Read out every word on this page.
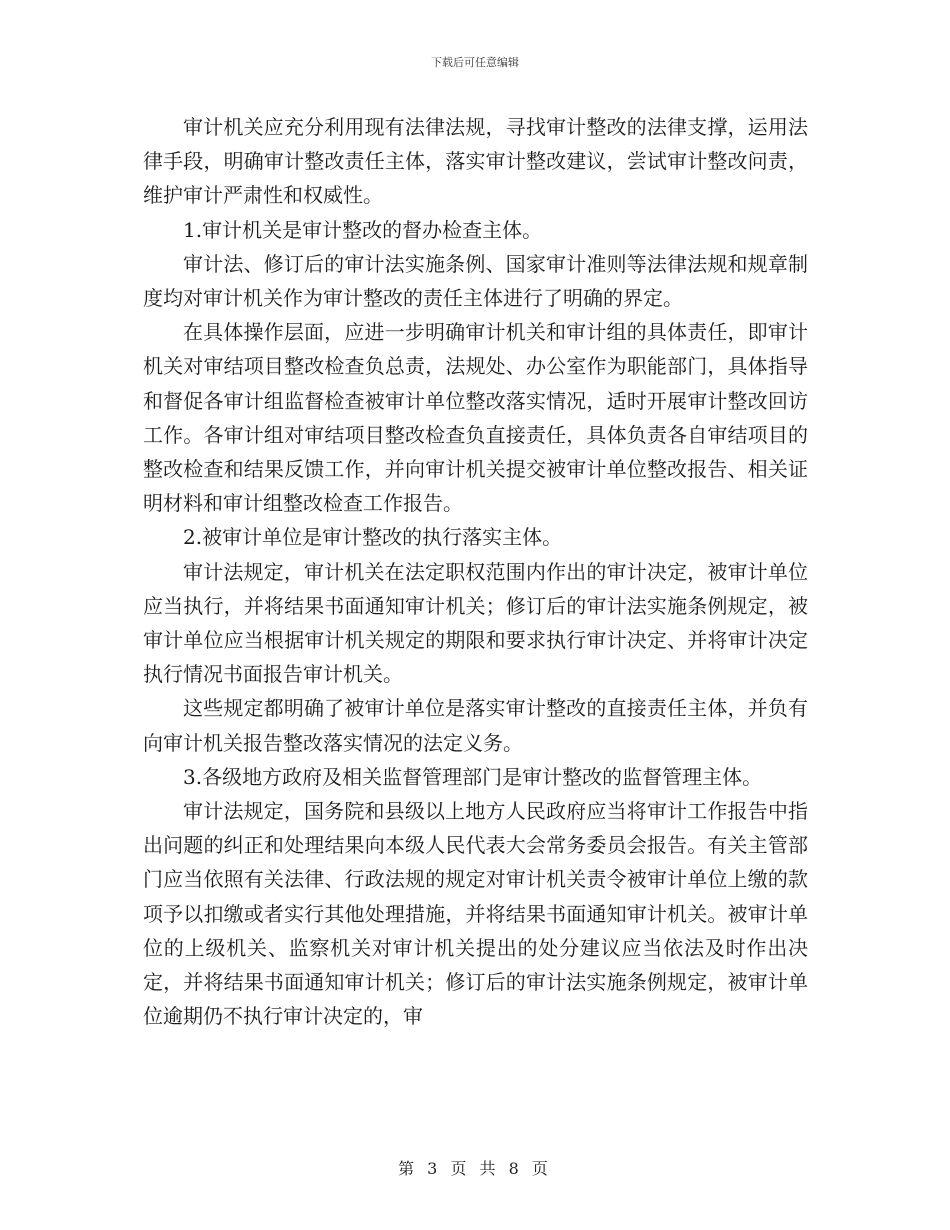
下载后可任意编辑

审计机关应充分利用现有法律法规，寻找审计整改的法律支撑，运用法律手段，明确审计整改责任主体，落实审计整改建议，尝试审计整改问责，维护审计严肃性和权威性。

1.审计机关是审计整改的督办检查主体。

审计法、修订后的审计法实施条例、国家审计准则等法律法规和规章制度均对审计机关作为审计整改的责任主体进行了明确的界定。

在具体操作层面，应进一步明确审计机关和审计组的具体责任，即审计机关对审结项目整改检查负总责，法规处、办公室作为职能部门，具体指导和督促各审计组监督检查被审计单位整改落实情况，适时开展审计整改回访工作。各审计组对审结项目整改检查负直接责任，具体负责各自审结项目的整改检查和结果反馈工作，并向审计机关提交被审计单位整改报告、相关证明材料和审计组整改检查工作报告。

2.被审计单位是审计整改的执行落实主体。

审计法规定，审计机关在法定职权范围内作出的审计决定，被审计单位应当执行，并将结果书面通知审计机关；修订后的审计法实施条例规定，被审计单位应当根据审计机关规定的期限和要求执行审计决定、并将审计决定执行情况书面报告审计机关。

这些规定都明确了被审计单位是落实审计整改的直接责任主体，并负有向审计机关报告整改落实情况的法定义务。

3.各级地方政府及相关监督管理部门是审计整改的监督管理主体。

审计法规定，国务院和县级以上地方人民政府应当将审计工作报告中指出问题的纠正和处理结果向本级人民代表大会常务委员会报告。有关主管部门应当依照有关法律、行政法规的规定对审计机关责令被审计单位上缴的款项予以扣缴或者实行其他处理措施，并将结果书面通知审计机关。被审计单位的上级机关、监察机关对审计机关提出的处分建议应当依法及时作出决定，并将结果书面通知审计机关；修订后的审计法实施条例规定，被审计单位逾期仍不执行审计决定的，审

第 3 页 共 8 页
